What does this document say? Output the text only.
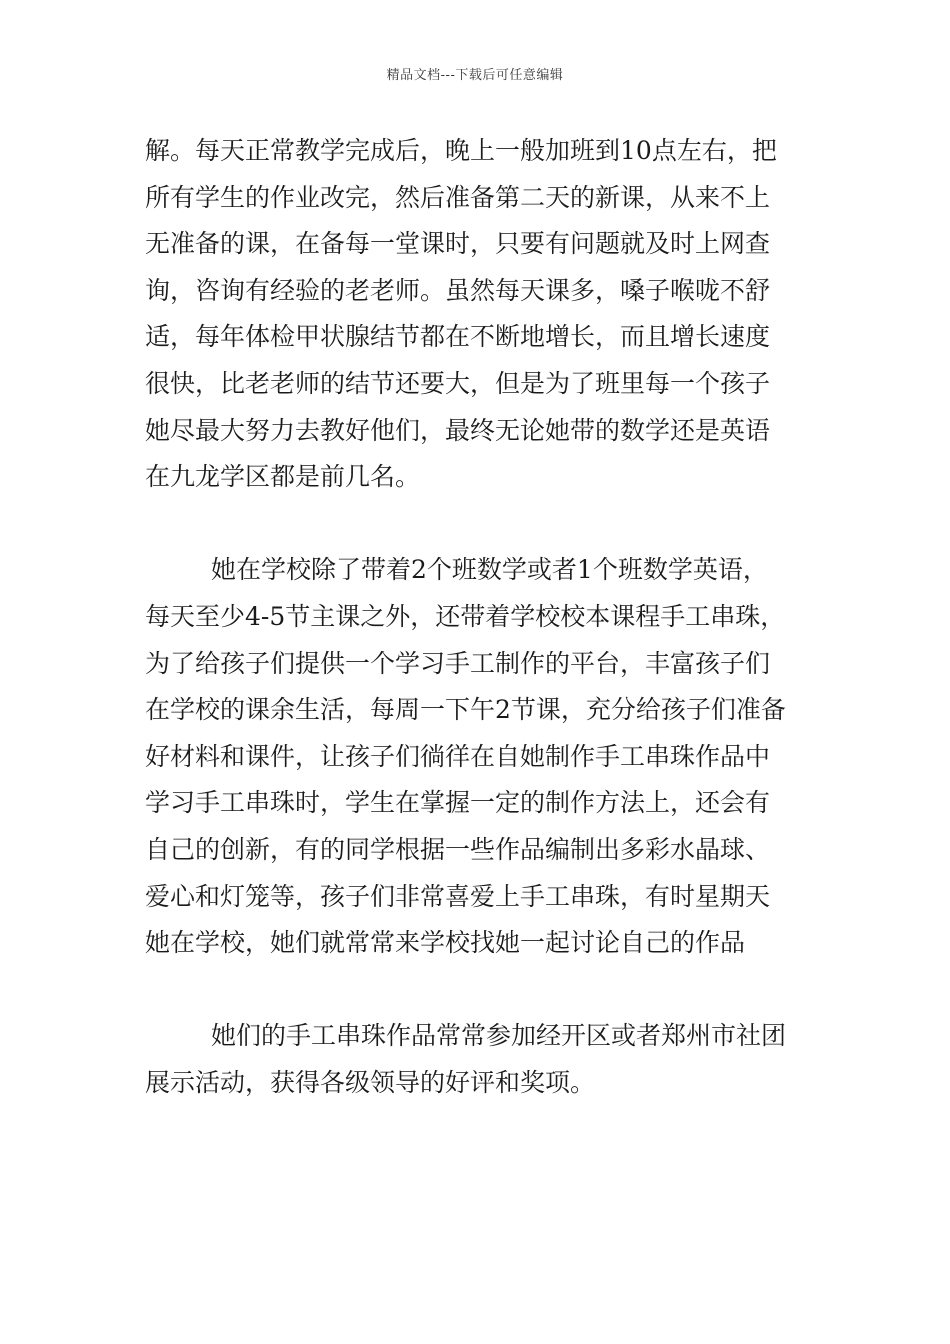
精品文档---下载后可任意编辑
解。每天正常教学完成后，晚上一般加班到10点左右，把
所有学生的作业改完，然后准备第二天的新课，从来不上
无准备的课，在备每一堂课时，只要有问题就及时上网查
询，咨询有经验的老老师。虽然每天课多，嗓子喉咙不舒
适，每年体检甲状腺结节都在不断地增长，而且增长速度
很快，比老老师的结节还要大，但是为了班里每一个孩子
她尽最大努力去教好他们，最终无论她带的数学还是英语
在九龙学区都是前几名。
她在学校除了带着2个班数学或者1个班数学英语，
每天至少4-5节主课之外，还带着学校校本课程手工串珠，
为了给孩子们提供一个学习手工制作的平台，丰富孩子们
在学校的课余生活，每周一下午2节课，充分给孩子们准备
好材料和课件，让孩子们徜徉在自她制作手工串珠作品中
学习手工串珠时，学生在掌握一定的制作方法上，还会有
自己的创新，有的同学根据一些作品编制出多彩水晶球、
爱心和灯笼等，孩子们非常喜爱上手工串珠，有时星期天
她在学校，她们就常常来学校找她一起讨论自己的作品
她们的手工串珠作品常常参加经开区或者郑州市社团
展示活动，获得各级领导的好评和奖项。
